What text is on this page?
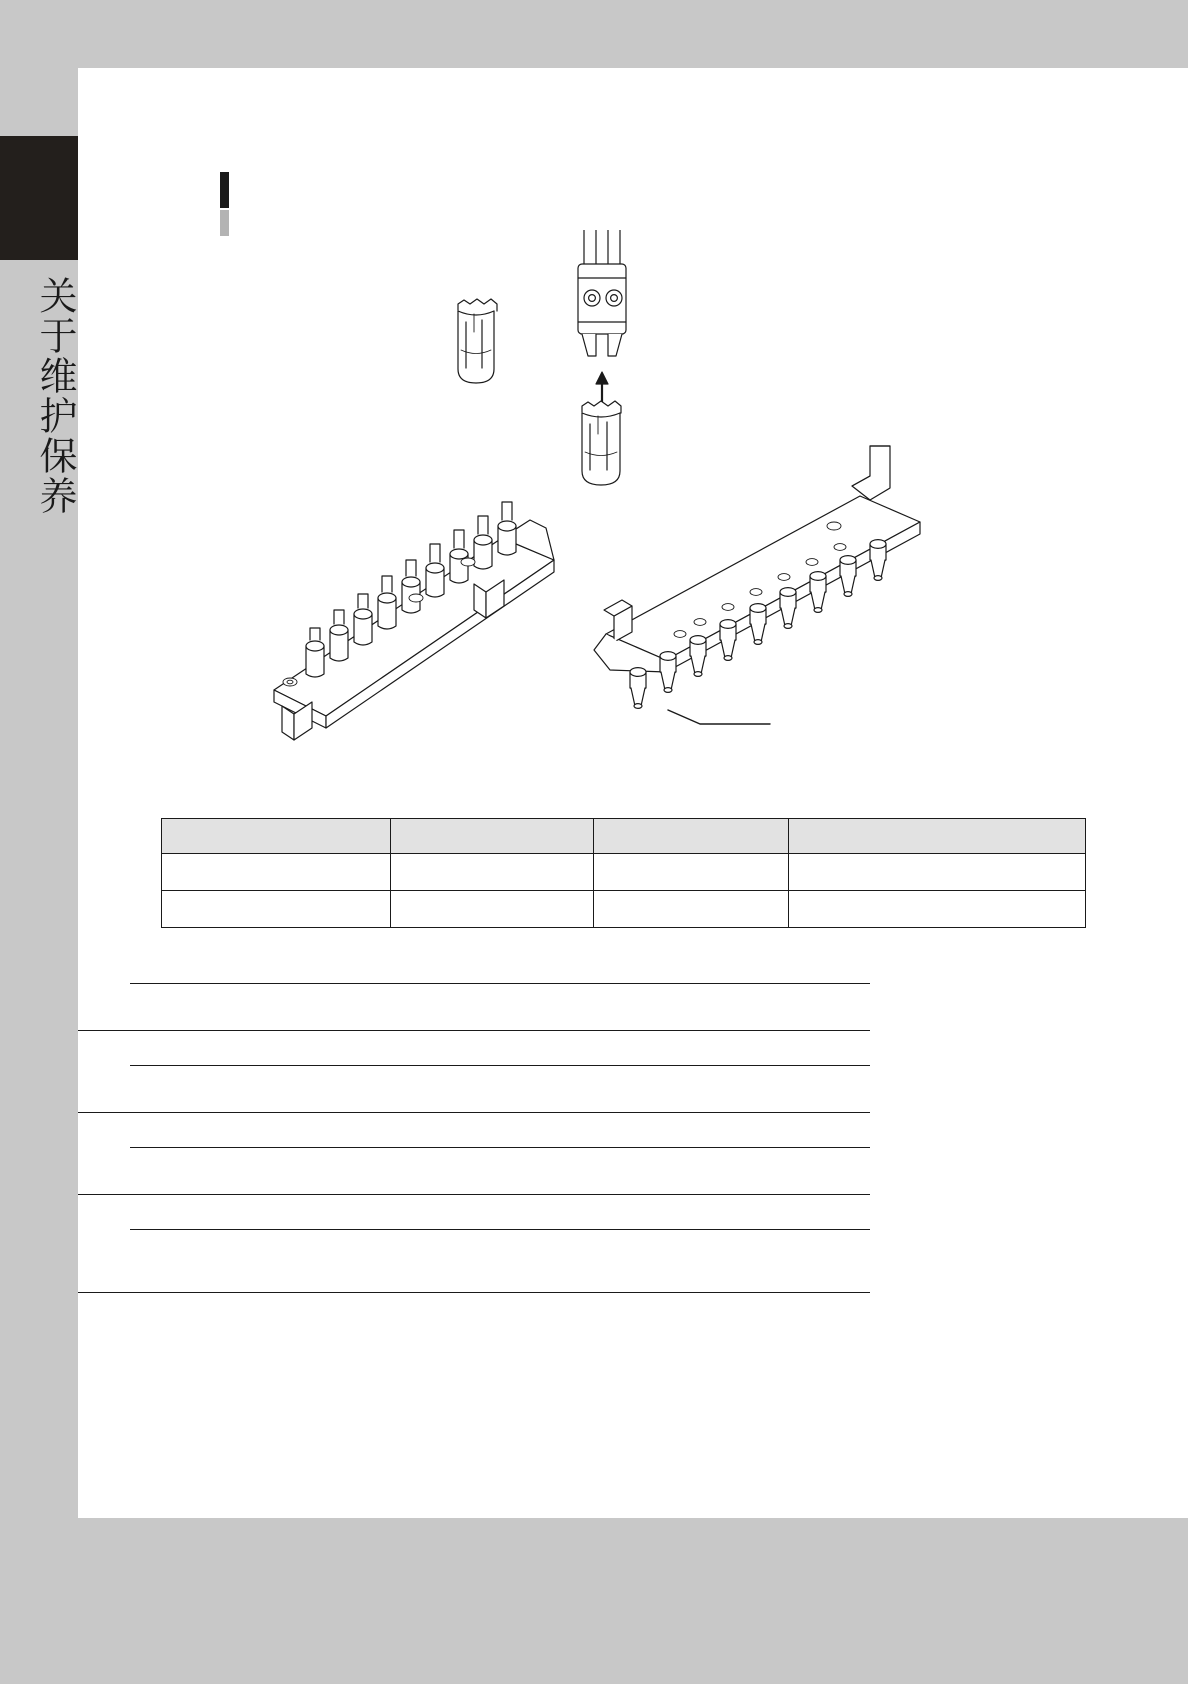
关于维护保养
